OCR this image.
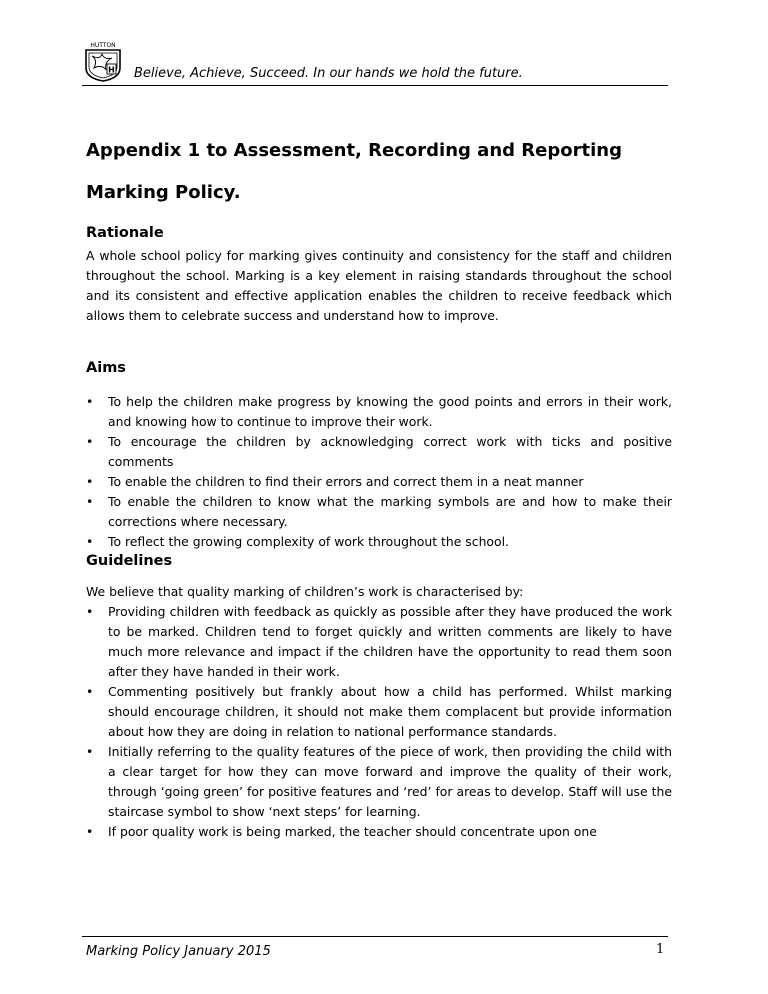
H
HUTTON
Believe, Achieve, Succeed. In our hands we hold the future.
Appendix 1 to Assessment, Recording and Reporting
Marking Policy.
Rationale

A whole school policy for marking gives continuity and consistency for the staff and children throughout the school. Marking is a key element in raising standards throughout the school and its consistent and effective application enables the children to receive feedback which allows them to celebrate success and understand how to improve.

Aims
• To help the children make progress by knowing the good points and errors in their work, and knowing how to continue to improve their work.
• To encourage the children by acknowledging correct work with ticks and positive comments
• To enable the children to find their errors and correct them in a neat manner
• To enable the children to know what the marking symbols are and how to make their corrections where necessary.
• To reflect the growing complexity of work throughout the school.
Guidelines

We believe that quality marking of children’s work is characterised by:

• Providing children with feedback as quickly as possible after they have produced the work to be marked. Children tend to forget quickly and written comments are likely to have much more relevance and impact if the children have the opportunity to read them soon after they have handed in their work.
• Commenting positively but frankly about how a child has performed. Whilst marking should encourage children, it should not make them complacent but provide information about how they are doing in relation to national performance standards.
• Initially referring to the quality features of the piece of work, then providing the child with a clear target for how they can move forward and improve the quality of their work, through ‘going green’ for positive features and ‘red’ for areas to develop. Staff will use the staircase symbol to show ‘next steps’ for learning.
• If poor quality work is being marked, the teacher should concentrate upon one
Marking Policy January 2015	1
